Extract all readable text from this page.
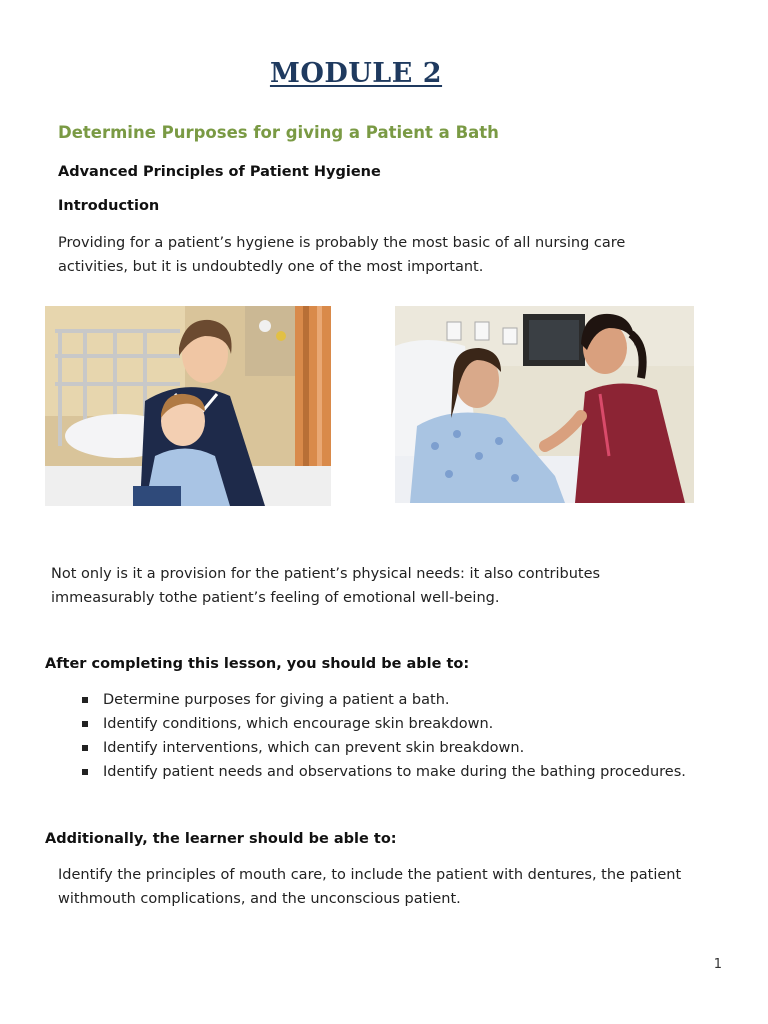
MODULE 2
Determine Purposes for giving a Patient a Bath
Advanced Principles of Patient Hygiene
Introduction
Providing for a patient’s hygiene is probably the most basic of all nursing care activities, but it is undoubtedly one of the most important.
Not only is it a provision for the patient’s physical needs: it also contributes immeasurably tothe patient’s feeling of emotional well-being.
After completing this lesson, you should be able to:
Determine purposes for giving a patient a bath.
Identify conditions, which encourage skin breakdown.
Identify interventions, which can prevent skin breakdown.
Identify patient needs and observations to make during the bathing procedures.
Additionally, the learner should be able to:
Identify the principles of mouth care, to include the patient with dentures, the patient withmouth complications, and the unconscious patient.
1
